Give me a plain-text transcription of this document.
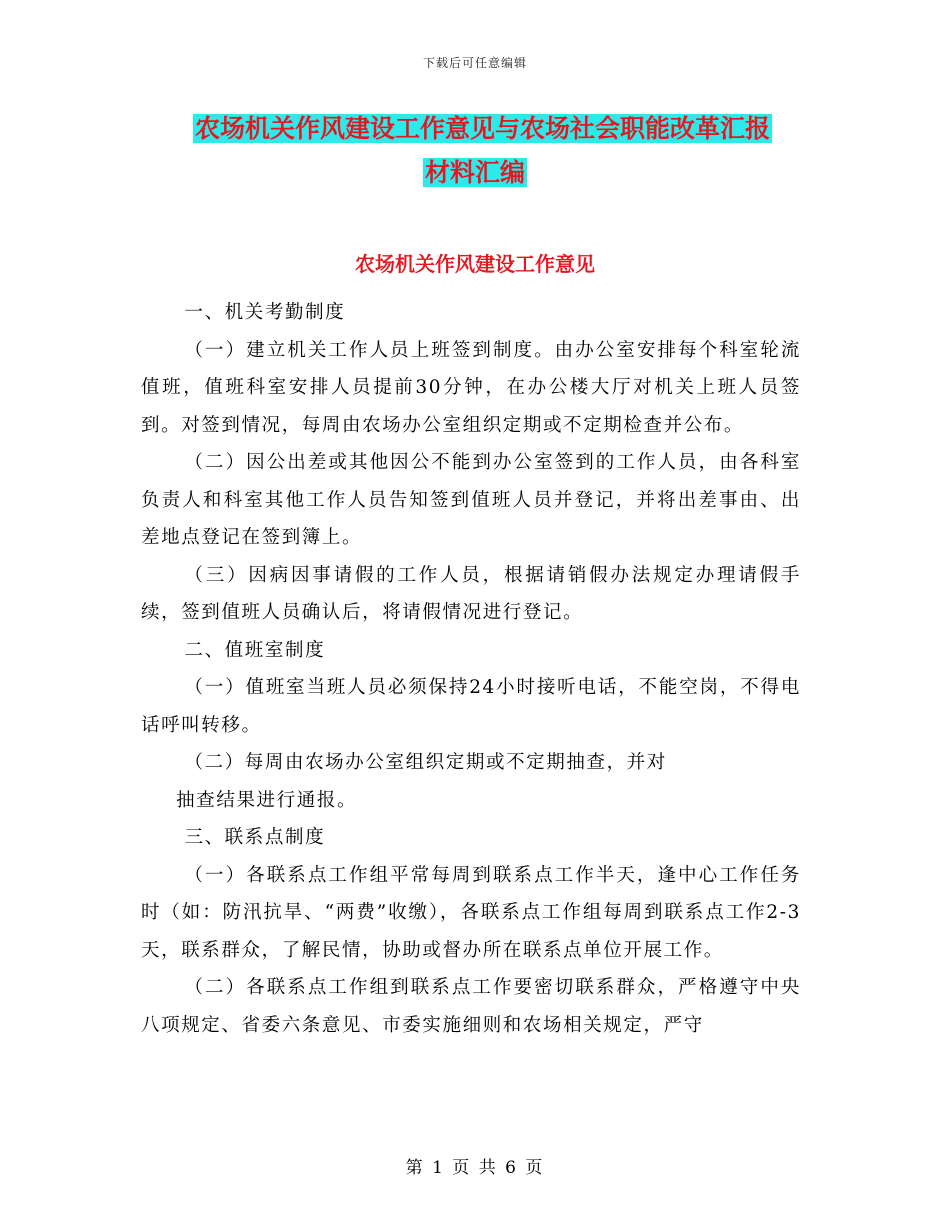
下载后可任意编辑
农场机关作风建设工作意见与农场社会职能改革汇报
材料汇编
农场机关作风建设工作意见

一、机关考勤制度

（一）建立机关工作人员上班签到制度。由办公室安排每个科室轮流值班，值班科室安排人员提前30分钟，在办公楼大厅对机关上班人员签到。对签到情况，每周由农场办公室组织定期或不定期检查并公布。

（二）因公出差或其他因公不能到办公室签到的工作人员，由各科室负责人和科室其他工作人员告知签到值班人员并登记，并将出差事由、出差地点登记在签到簿上。

（三）因病因事请假的工作人员，根据请销假办法规定办理请假手续，签到值班人员确认后，将请假情况进行登记。

二、值班室制度

（一）值班室当班人员必须保持24小时接听电话，不能空岗，不得电话呼叫转移。

（二）每周由农场办公室组织定期或不定期抽查，并对

抽查结果进行通报。

三、联系点制度

（一）各联系点工作组平常每周到联系点工作半天，逢中心工作任务时（如：防汛抗旱、“两费”收缴），各联系点工作组每周到联系点工作2-3天，联系群众，了解民情，协助或督办所在联系点单位开展工作。

（二）各联系点工作组到联系点工作要密切联系群众，严格遵守中央八项规定、省委六条意见、市委实施细则和农场相关规定，严守

第 1 页 共 6 页
